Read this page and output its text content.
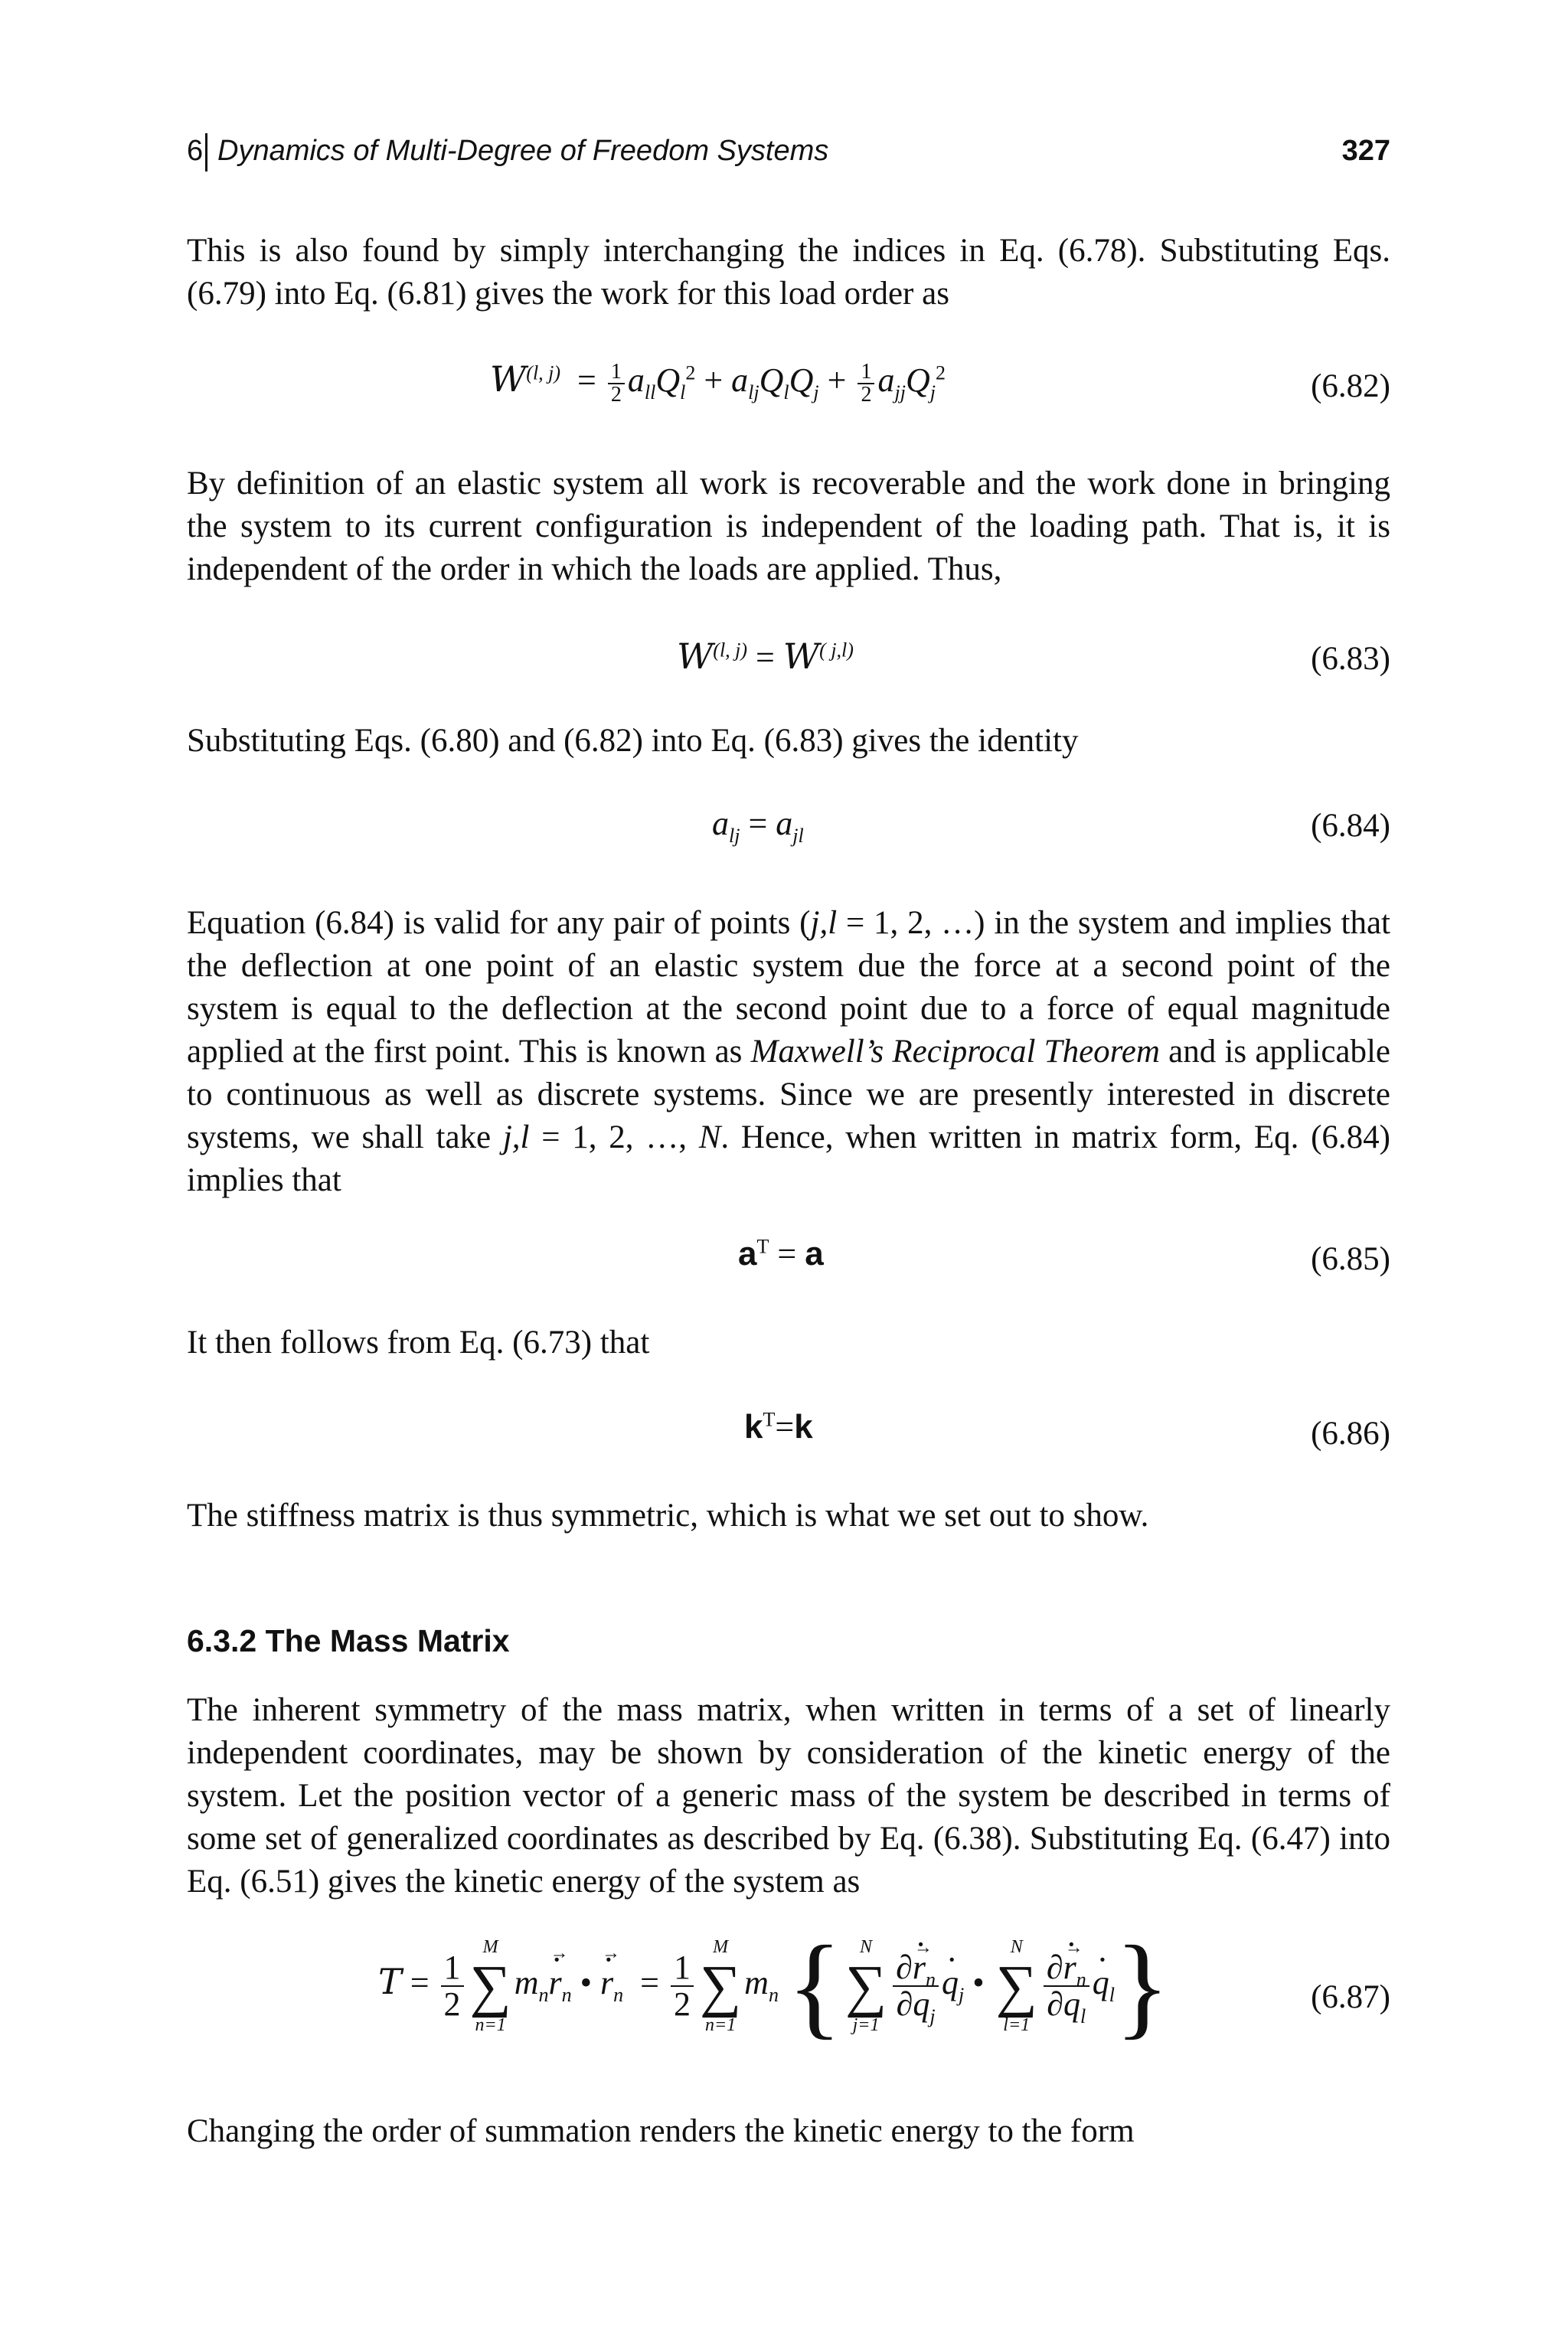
6 Dynamics of Multi-Degree of Freedom Systems	327

This is also found by simply interchanging the indices in Eq. (6.78). Substituting Eqs. (6.79) into Eq. (6.81) gives the work for this load order as

$W^{(l, j)} = \frac{1}{2} a_{ll}Q_l^2 + a_{lj}Q_lQ_j + \frac{1}{2} a_{jj}Q_j^2$	(6.82)

By definition of an elastic system all work is recoverable and the work done in bringing the system to its current configuration is independent of the loading path. That is, it is independent of the order in which the loads are applied. Thus,

$W^{(l, j)} = W^{( j,l)}$	(6.83)

Substituting Eqs. (6.80) and (6.82) into Eq. (6.83) gives the identity

$a_{lj} = a_{jl}$	(6.84)

Equation (6.84) is valid for any pair of points (j,l = 1, 2, …) in the system and implies that the deflection at one point of an elastic system due the force at a second point of the system is equal to the deflection at the second point due to a force of equal magnitude applied at the first point. This is known as Maxwell’s Reciprocal Theorem and is applicable to continuous as well as discrete systems. Since we are presently interested in discrete systems, we shall take j,l = 1, 2, …, N. Hence, when written in matrix form, Eq. (6.84) implies that

$a^T = a$	(6.85)

It then follows from Eq. (6.73) that

$k^T=k$	(6.86)

The stiffness matrix is thus symmetric, which is what we set out to show.

6.3.2 The Mass Matrix

The inherent symmetry of the mass matrix, when written in terms of a set of linearly independent coordinates, may be shown by consideration of the kinetic energy of the system. Let the position vector of a generic mass of the system be described in terms of some set of generalized coordinates as described by Eq. (6.38). Substituting Eq. (6.47) into Eq. (6.51) gives the kinetic energy of the system as

$T = \frac{1}{2}$
M
∑
n=1
$m_n\cdot r \to_n$ • · $r \to_n = \frac{1}{2}$
M
∑
n=1
$m_n$ { N
∑
j=1
$\frac{\partial\cdot r \to_n}{\partial q_j}$
· $q_j$ •
N
∑
l=1
$\frac{\partial\cdot r \to_n}{\partial q_l}$
· $q_l$}	(6.87)

Changing the order of summation renders the kinetic energy to the form
